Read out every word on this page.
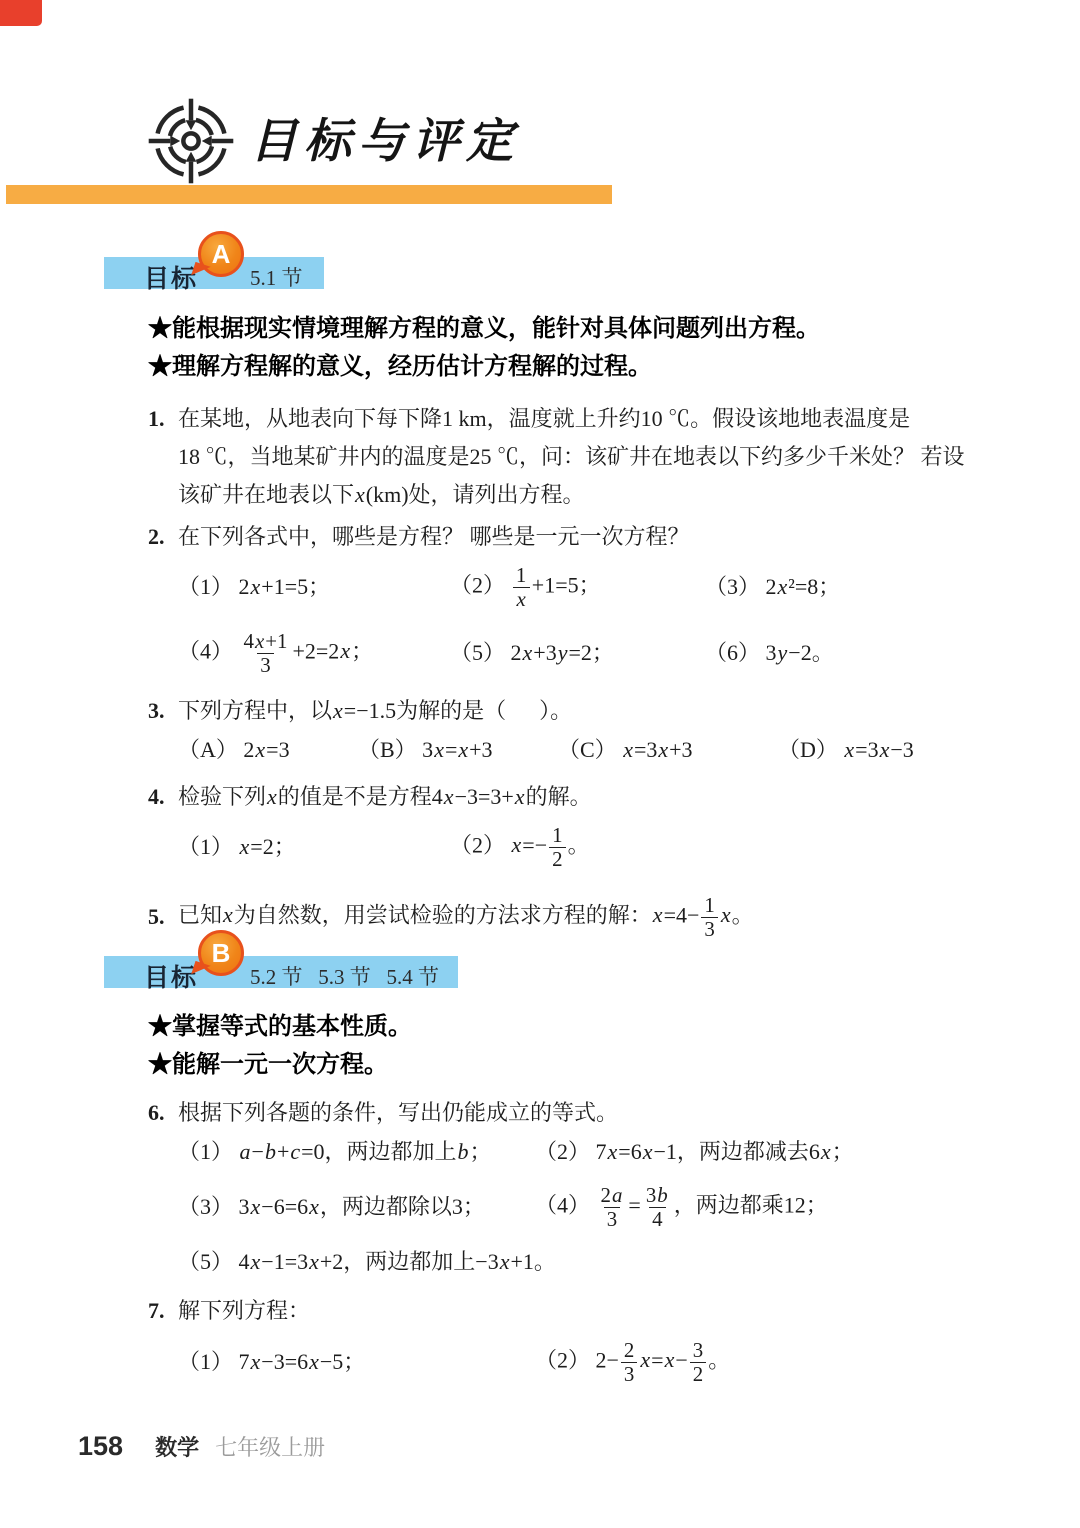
目标与评定
目标
A
5.1 节
★能根据现实情境理解方程的意义，能针对具体问题列出方程。
★理解方程解的意义，经历估计方程解的过程。
1. 在某地，从地表向下每下降1 km，温度就上升约10 ℃。假设该地地表温度是
18 ℃，当地某矿井内的温度是25 ℃，问：该矿井在地表以下约多少千米处？ 若设
该矿井在地表以下x(km)处，请列出方程。
2. 在下列各式中，哪些是方程？ 哪些是一元一次方程？
（1） 2x+1=5；	$(2) \frac{1}{x} +1=5$；	（3） 2x²=8；
$(4) \frac{4x+1}{3} +2=2x$；	（5） 2x+3y=2；	（6） 3y−2。
3. 下列方程中，以x=−1.5为解的是（      ）。
（A） 2x=3	（B） 3x=x+3	（C） x=3x+3	（D） x=3x−3
4. 检验下列x的值是不是方程4x−3=3+x的解。
（1） x=2；	（2） $x=- \frac{1}{2}$ 。
5. 已知x为自然数，用尝试检验的方法求方程的解：$x=4- \frac{1}{3}$ x。
目标
B
5.2 节   5.3 节   5.4 节
★掌握等式的基本性质。
★能解一元一次方程。
6. 根据下列各题的条件，写出仍能成立的等式。
（1） a−b+c=0，两边都加上b；	（2） 7x=6x−1，两边都减去6x；
（3） 3x−6=6x，两边都除以3；	$(4) \frac{2a}{3} = \frac{3b}{4}$ ，两边都乘12；
（5） 4x−1=3x+2，两边都加上−3x+1。
7. 解下列方程：
（1） 7x−3=6x−5；	（2） $2- \frac{2}{3} x=x- \frac{3}{2}$ 。
158 数学 七年级上册
